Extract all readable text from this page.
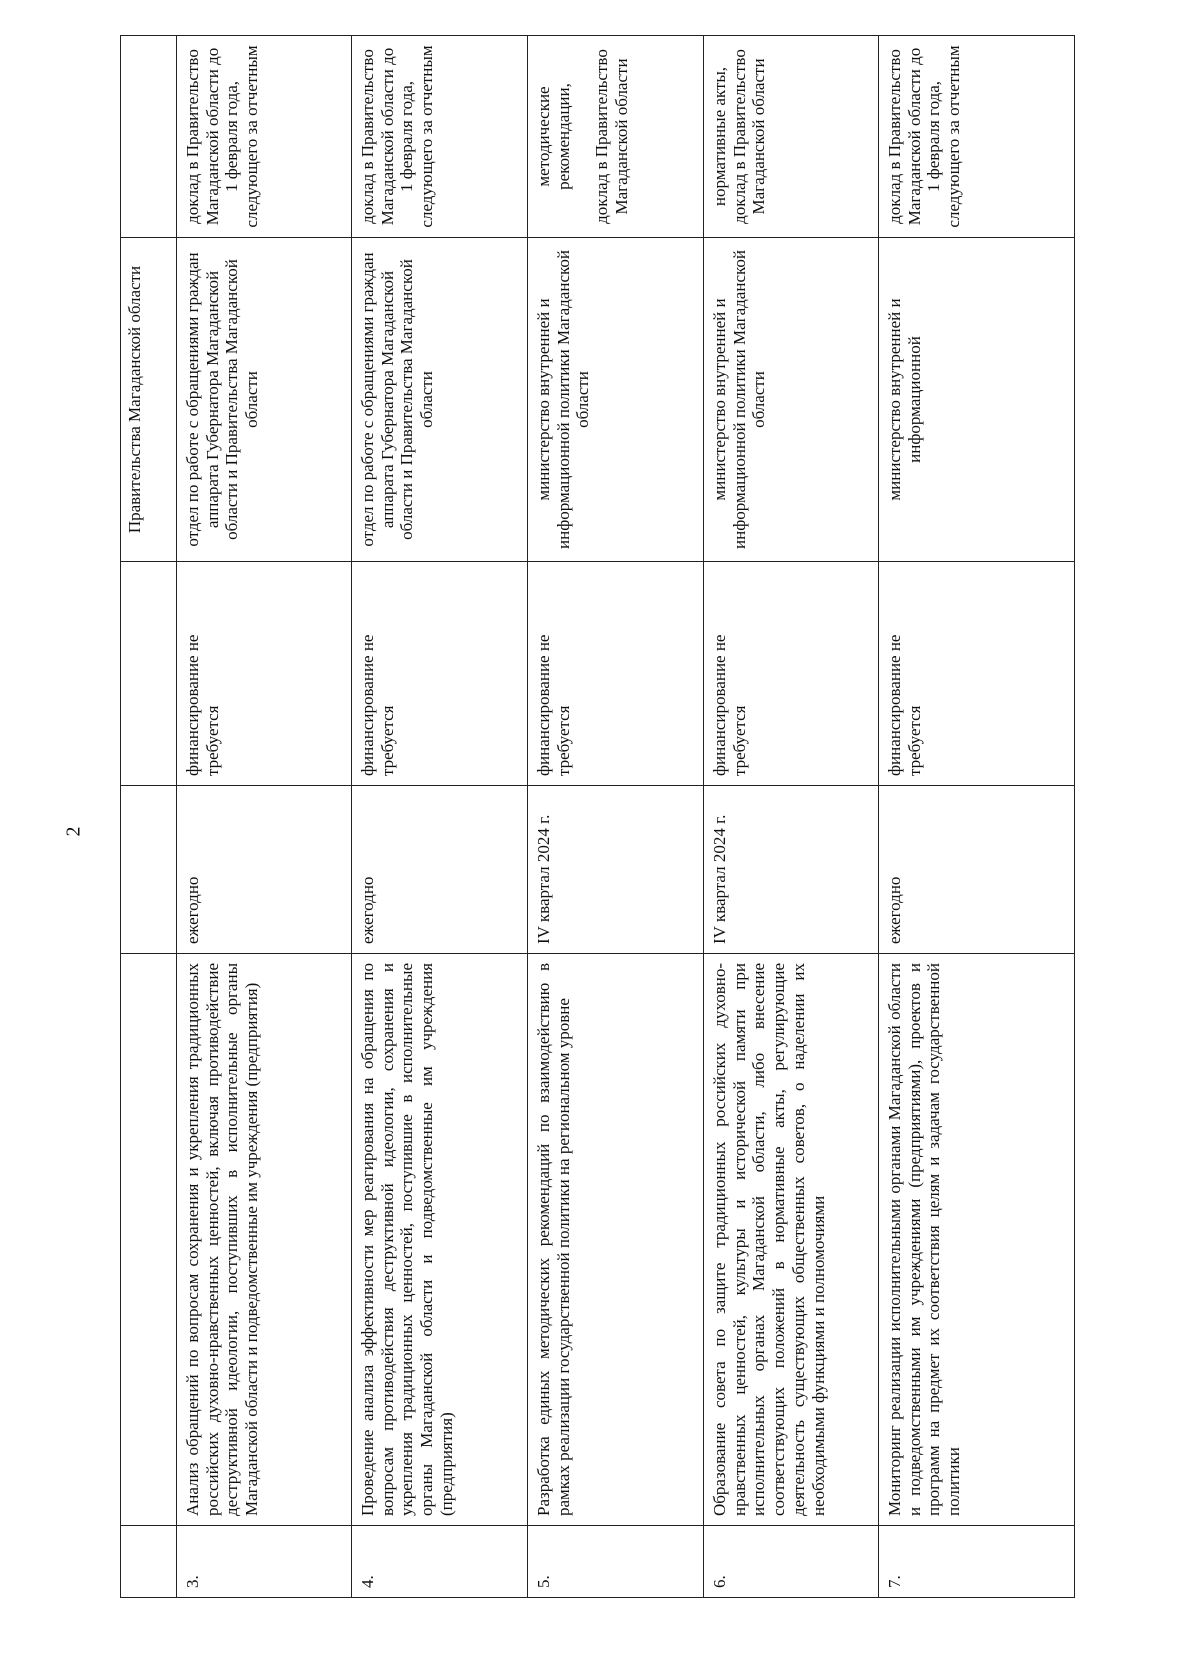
2
				Правительства Магаданской области	
3.	Анализ обращений по вопросам сохранения и укрепления традиционных российских духовно-нравственных ценностей, включая противодействие деструктивной идеологии, поступивших в исполнительные органы Магаданской области и подведомственные им учреждения (предприятия)	ежегодно	финансирование не требуется	отдел по работе с обращениями граждан аппарата Губернатора Магаданской области и Правительства Магаданской области	доклад в Правительство Магаданской области до 1 февраля года, следующего за отчетным

4.	Проведение анализа эффективности мер реагирования на обращения по вопросам противодействия деструктивной идеологии, сохранения и укрепления традиционных ценностей, поступившие в исполнительные органы Магаданской области и подведомственные им учреждения (предприятия)	ежегодно	финансирование не требуется	отдел по работе с обращениями граждан аппарата Губернатора Магаданской области и Правительства Магаданской области	доклад в Правительство Магаданской области до 1 февраля года, следующего за отчетным

5.	Разработка единых методических рекомендаций по взаимодействию в рамках реализации государственной политики на региональном уровне	IV квартал 2024 г.	финансирование не требуется	министерство внутренней и информационной политики Магаданской области	методические рекомендации, доклад в Правительство Магаданской области

6.	Образование совета по защите традиционных российских духовно-нравственных ценностей, культуры и исторической памяти при исполнительных органах Магаданской области, либо внесение соответствующих положений в нормативные акты, регулирующие деятельность существующих общественных советов, о наделении их необходимыми функциями и полномочиями	IV квартал 2024 г.	финансирование не требуется	министерство внутренней и информационной политики Магаданской области	нормативные акты, доклад в Правительство Магаданской области

7.	Мониторинг реализации исполнительными органами Магаданской области и подведомственными им учреждениями (предприятиями), проектов и программ на предмет их соответствия целям и задачам государственной политики	ежегодно	финансирование не требуется	министерство внутренней и информационной	доклад в Правительство Магаданской области до 1 февраля года, следующего за отчетным
